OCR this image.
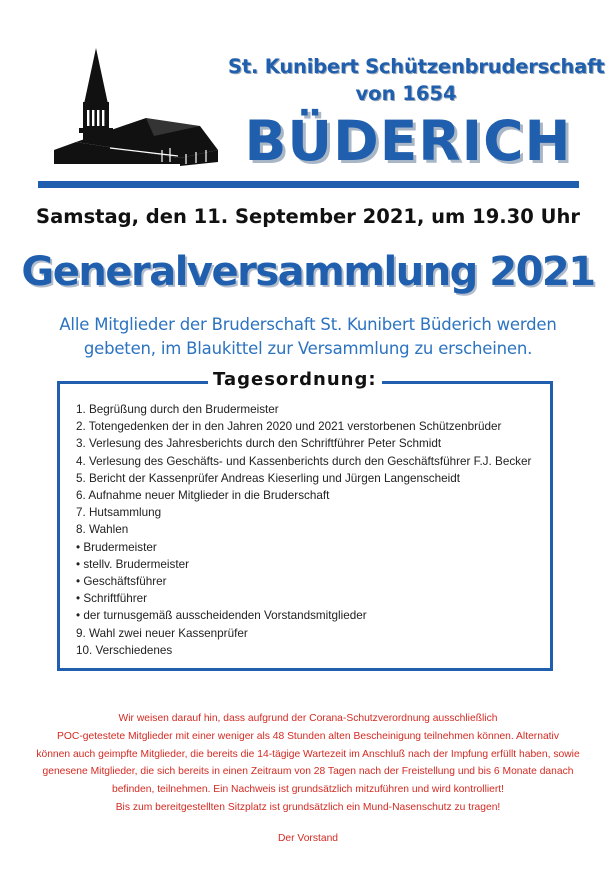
St. Kunibert Schützenbruderschaft
von 1654
BÜDERICH
Samstag, den 11. September 2021, um 19.30 Uhr
Generalversammlung 2021
Alle Mitglieder der Bruderschaft St. Kunibert Büderich werden
gebeten, im Blaukittel zur Versammlung zu erscheinen.
Tagesordnung:
1. Begrüßung durch den Brudermeister
2. Totengedenken der in den Jahren 2020 und 2021 verstorbenen Schützenbrüder
3. Verlesung des Jahresberichts durch den Schriftführer Peter Schmidt
4. Verlesung des Geschäfts- und Kassenberichts durch den Geschäftsführer F.J. Becker
5. Bericht der Kassenprüfer Andreas Kieserling und Jürgen Langenscheidt
6. Aufnahme neuer Mitglieder in die Bruderschaft
7. Hutsammlung
8. Wahlen
• Brudermeister
• stellv. Brudermeister
• Geschäftsführer
• Schriftführer
• der turnusgemäß ausscheidenden Vorstandsmitglieder
9. Wahl zwei neuer Kassenprüfer
10. Verschiedenes
Wir weisen darauf hin, dass aufgrund der Corana-Schutzverordnung ausschließlich
POC-getestete Mitglieder mit einer weniger als 48 Stunden alten Bescheinigung teilnehmen können. Alternativ
können auch geimpfte Mitglieder, die bereits die 14-tägige Wartezeit im Anschluß nach der Impfung erfüllt haben, sowie
genesene Mitglieder, die sich bereits in einen Zeitraum von 28 Tagen nach der Freistellung und bis 6 Monate danach
befinden, teilnehmen. Ein Nachweis ist grundsätzlich mitzuführen und wird kontrolliert!
Bis zum bereitgestellten Sitzplatz ist grundsätzlich ein Mund-Nasenschutz zu tragen!
Der Vorstand
